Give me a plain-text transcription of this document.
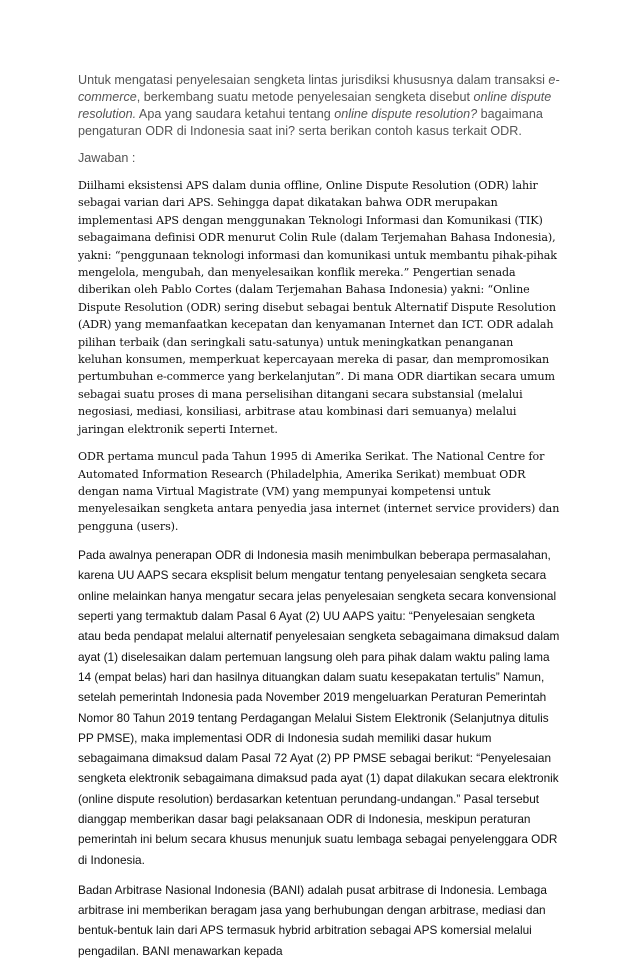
Untuk mengatasi penyelesaian sengketa lintas jurisdiksi khususnya dalam transaksi e-commerce, berkembang suatu metode penyelesaian sengketa disebut online dispute resolution. Apa yang saudara ketahui tentang online dispute resolution? bagaimana pengaturan ODR di Indonesia saat ini? serta berikan contoh kasus terkait ODR.

Jawaban :

Diilhami eksistensi APS dalam dunia offline, Online Dispute Resolution (ODR) lahir sebagai varian dari APS. Sehingga dapat dikatakan bahwa ODR merupakan implementasi APS dengan menggunakan Teknologi Informasi dan Komunikasi (TIK) sebagaimana definisi ODR menurut Colin Rule (dalam Terjemahan Bahasa Indonesia), yakni: “penggunaan teknologi informasi dan komunikasi untuk membantu pihak-pihak mengelola, mengubah, dan menyelesaikan konflik mereka.” Pengertian senada diberikan oleh Pablo Cortes (dalam Terjemahan Bahasa Indonesia) yakni: “Online Dispute Resolution (ODR) sering disebut sebagai bentuk Alternatif Dispute Resolution (ADR) yang memanfaatkan kecepatan dan kenyamanan Internet dan ICT. ODR adalah pilihan terbaik (dan seringkali satu-satunya) untuk meningkatkan penanganan keluhan konsumen, memperkuat kepercayaan mereka di pasar, dan mempromosikan pertumbuhan e-commerce yang berkelanjutan”. Di mana ODR diartikan secara umum sebagai suatu proses di mana perselisihan ditangani secara substansial (melalui negosiasi, mediasi, konsiliasi, arbitrase atau kombinasi dari semuanya) melalui jaringan elektronik seperti Internet.

ODR pertama muncul pada Tahun 1995 di Amerika Serikat. The National Centre for Automated Information Research (Philadelphia, Amerika Serikat) membuat ODR dengan nama Virtual Magistrate (VM) yang mempunyai kompetensi untuk menyelesaikan sengketa antara penyedia jasa internet (internet service providers) dan pengguna (users).

Pada awalnya penerapan ODR di Indonesia masih menimbulkan beberapa permasalahan, karena UU AAPS secara eksplisit belum mengatur tentang penyelesaian sengketa secara online melainkan hanya mengatur secara jelas penyelesaian sengketa secara konvensional seperti yang termaktub dalam Pasal 6 Ayat (2) UU AAPS yaitu: “Penyelesaian sengketa atau beda pendapat melalui alternatif penyelesaian sengketa sebagaimana dimaksud dalam ayat (1) diselesaikan dalam pertemuan langsung oleh para pihak dalam waktu paling lama 14 (empat belas) hari dan hasilnya dituangkan dalam suatu kesepakatan tertulis” Namun, setelah pemerintah Indonesia pada November 2019 mengeluarkan Peraturan Pemerintah Nomor 80 Tahun 2019 tentang Perdagangan Melalui Sistem Elektronik (Selanjutnya ditulis PP PMSE), maka implementasi ODR di Indonesia sudah memiliki dasar hukum sebagaimana dimaksud dalam Pasal 72 Ayat (2) PP PMSE sebagai berikut: “Penyelesaian sengketa elektronik sebagaimana dimaksud pada ayat (1) dapat dilakukan secara elektronik (online dispute resolution) berdasarkan ketentuan perundang-undangan.” Pasal tersebut dianggap memberikan dasar bagi pelaksanaan ODR di Indonesia, meskipun peraturan pemerintah ini belum secara khusus menunjuk suatu lembaga sebagai penyelenggara ODR di Indonesia.

Badan Arbitrase Nasional Indonesia (BANI) adalah pusat arbitrase di Indonesia. Lembaga arbitrase ini memberikan beragam jasa yang berhubungan dengan arbitrase, mediasi dan bentuk-bentuk lain dari APS termasuk hybrid arbitration sebagai APS komersial melalui pengadilan. BANI menawarkan kepada
